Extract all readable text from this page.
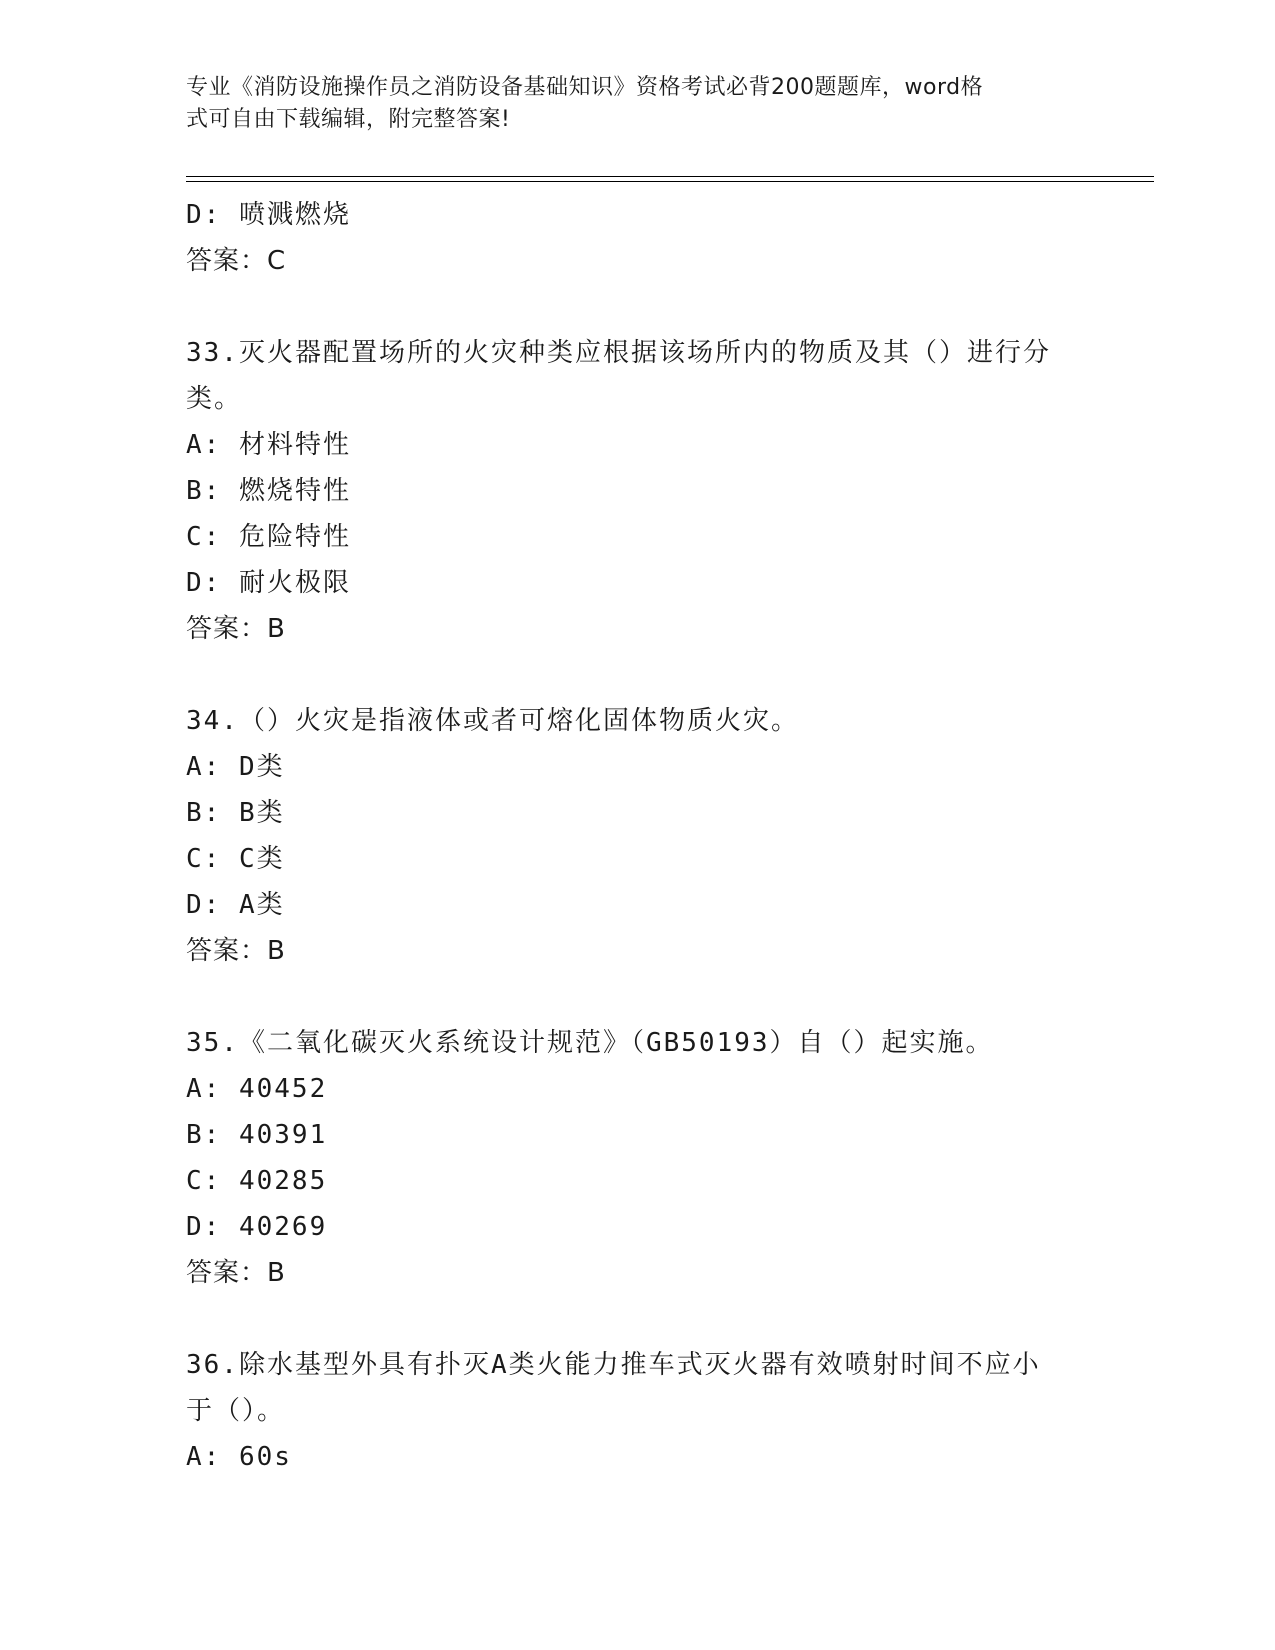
专业《消防设施操作员之消防设备基础知识》资格考试必背200题题库，word格
式可自由下载编辑，附完整答案!
D: 喷溅燃烧
答案：C
33.灭火器配置场所的火灾种类应根据该场所内的物质及其（）进行分
类。
A: 材料特性
B: 燃烧特性
C: 危险特性
D: 耐火极限
答案：B
34.（）火灾是指液体或者可熔化固体物质火灾。
A: D类
B: B类
C: C类
D: A类
答案：B
35.《二氧化碳灭火系统设计规范》（GB50193）自（）起实施。
A: 40452
B: 40391
C: 40285
D: 40269
答案：B
36.除水基型外具有扑灭A类火能力推车式灭火器有效喷射时间不应小
于（）。
A: 60s
